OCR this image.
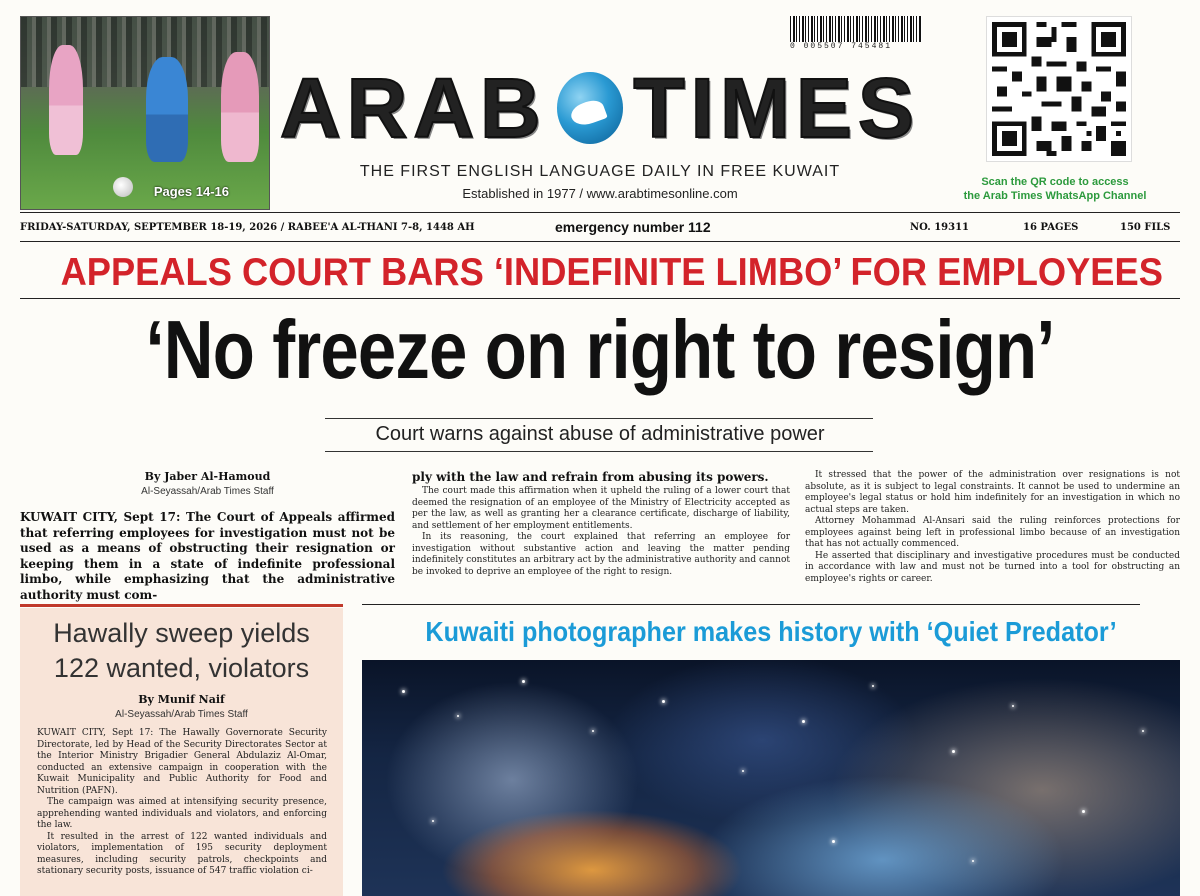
Pages 14-16
0 005507 745481
ARAB TIMES
THE FIRST ENGLISH LANGUAGE DAILY IN FREE KUWAIT
Established in 1977 / www.arabtimesonline.com
Scan the QR code to access
the Arab Times WhatsApp Channel
FRIDAY-SATURDAY, SEPTEMBER 18-19, 2026 / RABEE'A AL-THANI 7-8, 1448 AH	emergency number 112	NO. 19311	16 PAGES	150 FILS
APPEALS COURT BARS ‘INDEFINITE LIMBO’ FOR EMPLOYEES
‘No freeze on right to resign’
Court warns against abuse of administrative power
By Jaber Al-Hamoud
Al-Seyassah/Arab Times Staff
KUWAIT CITY, Sept 17: The Court of Appeals affirmed that referring employees for investigation must not be used as a means of obstructing their resignation or keeping them in a state of indefinite professional limbo, while emphasizing that the administrative authority must com-
ply with the law and refrain from abusing its powers.

The court made this affirmation when it upheld the ruling of a lower court that deemed the resignation of an employee of the Ministry of Electricity accepted as per the law, as well as granting her a clearance certificate, discharge of liability, and settlement of her employment entitlements.

In its reasoning, the court explained that referring an employee for investigation without substantive action and leaving the matter pending indefinitely constitutes an arbitrary act by the administrative authority and cannot be invoked to deprive an employee of the right to resign.

It stressed that the power of the administration over resignations is not absolute, as it is subject to legal constraints. It cannot be used to undermine an employee's legal status or hold him indefinitely for an investigation in which no actual steps are taken.

Attorney Mohammad Al-Ansari said the ruling reinforces protections for employees against being left in professional limbo because of an investigation that has not actually commenced.

He asserted that disciplinary and investigative procedures must be conducted in accordance with law and must not be turned into a tool for obstructing an employee's rights or career.

Hawally sweep yields
122 wanted, violators
By Munif Naif
Al-Seyassah/Arab Times Staff

KUWAIT CITY, Sept 17: The Hawally Governorate Security Directorate, led by Head of the Security Directorates Sector at the Interior Ministry Brigadier General Abdulaziz Al-Omar, conducted an extensive campaign in cooperation with the Kuwait Municipality and Public Authority for Food and Nutrition (PAFN).

The campaign was aimed at intensifying security presence, apprehending wanted individuals and violators, and enforcing the law.

It resulted in the arrest of 122 wanted individuals and violators, implementation of 195 security deployment measures, including security patrols, checkpoints and stationary security posts, issuance of 547 traffic violation ci-

Kuwaiti photographer makes history with ‘Quiet Predator’
